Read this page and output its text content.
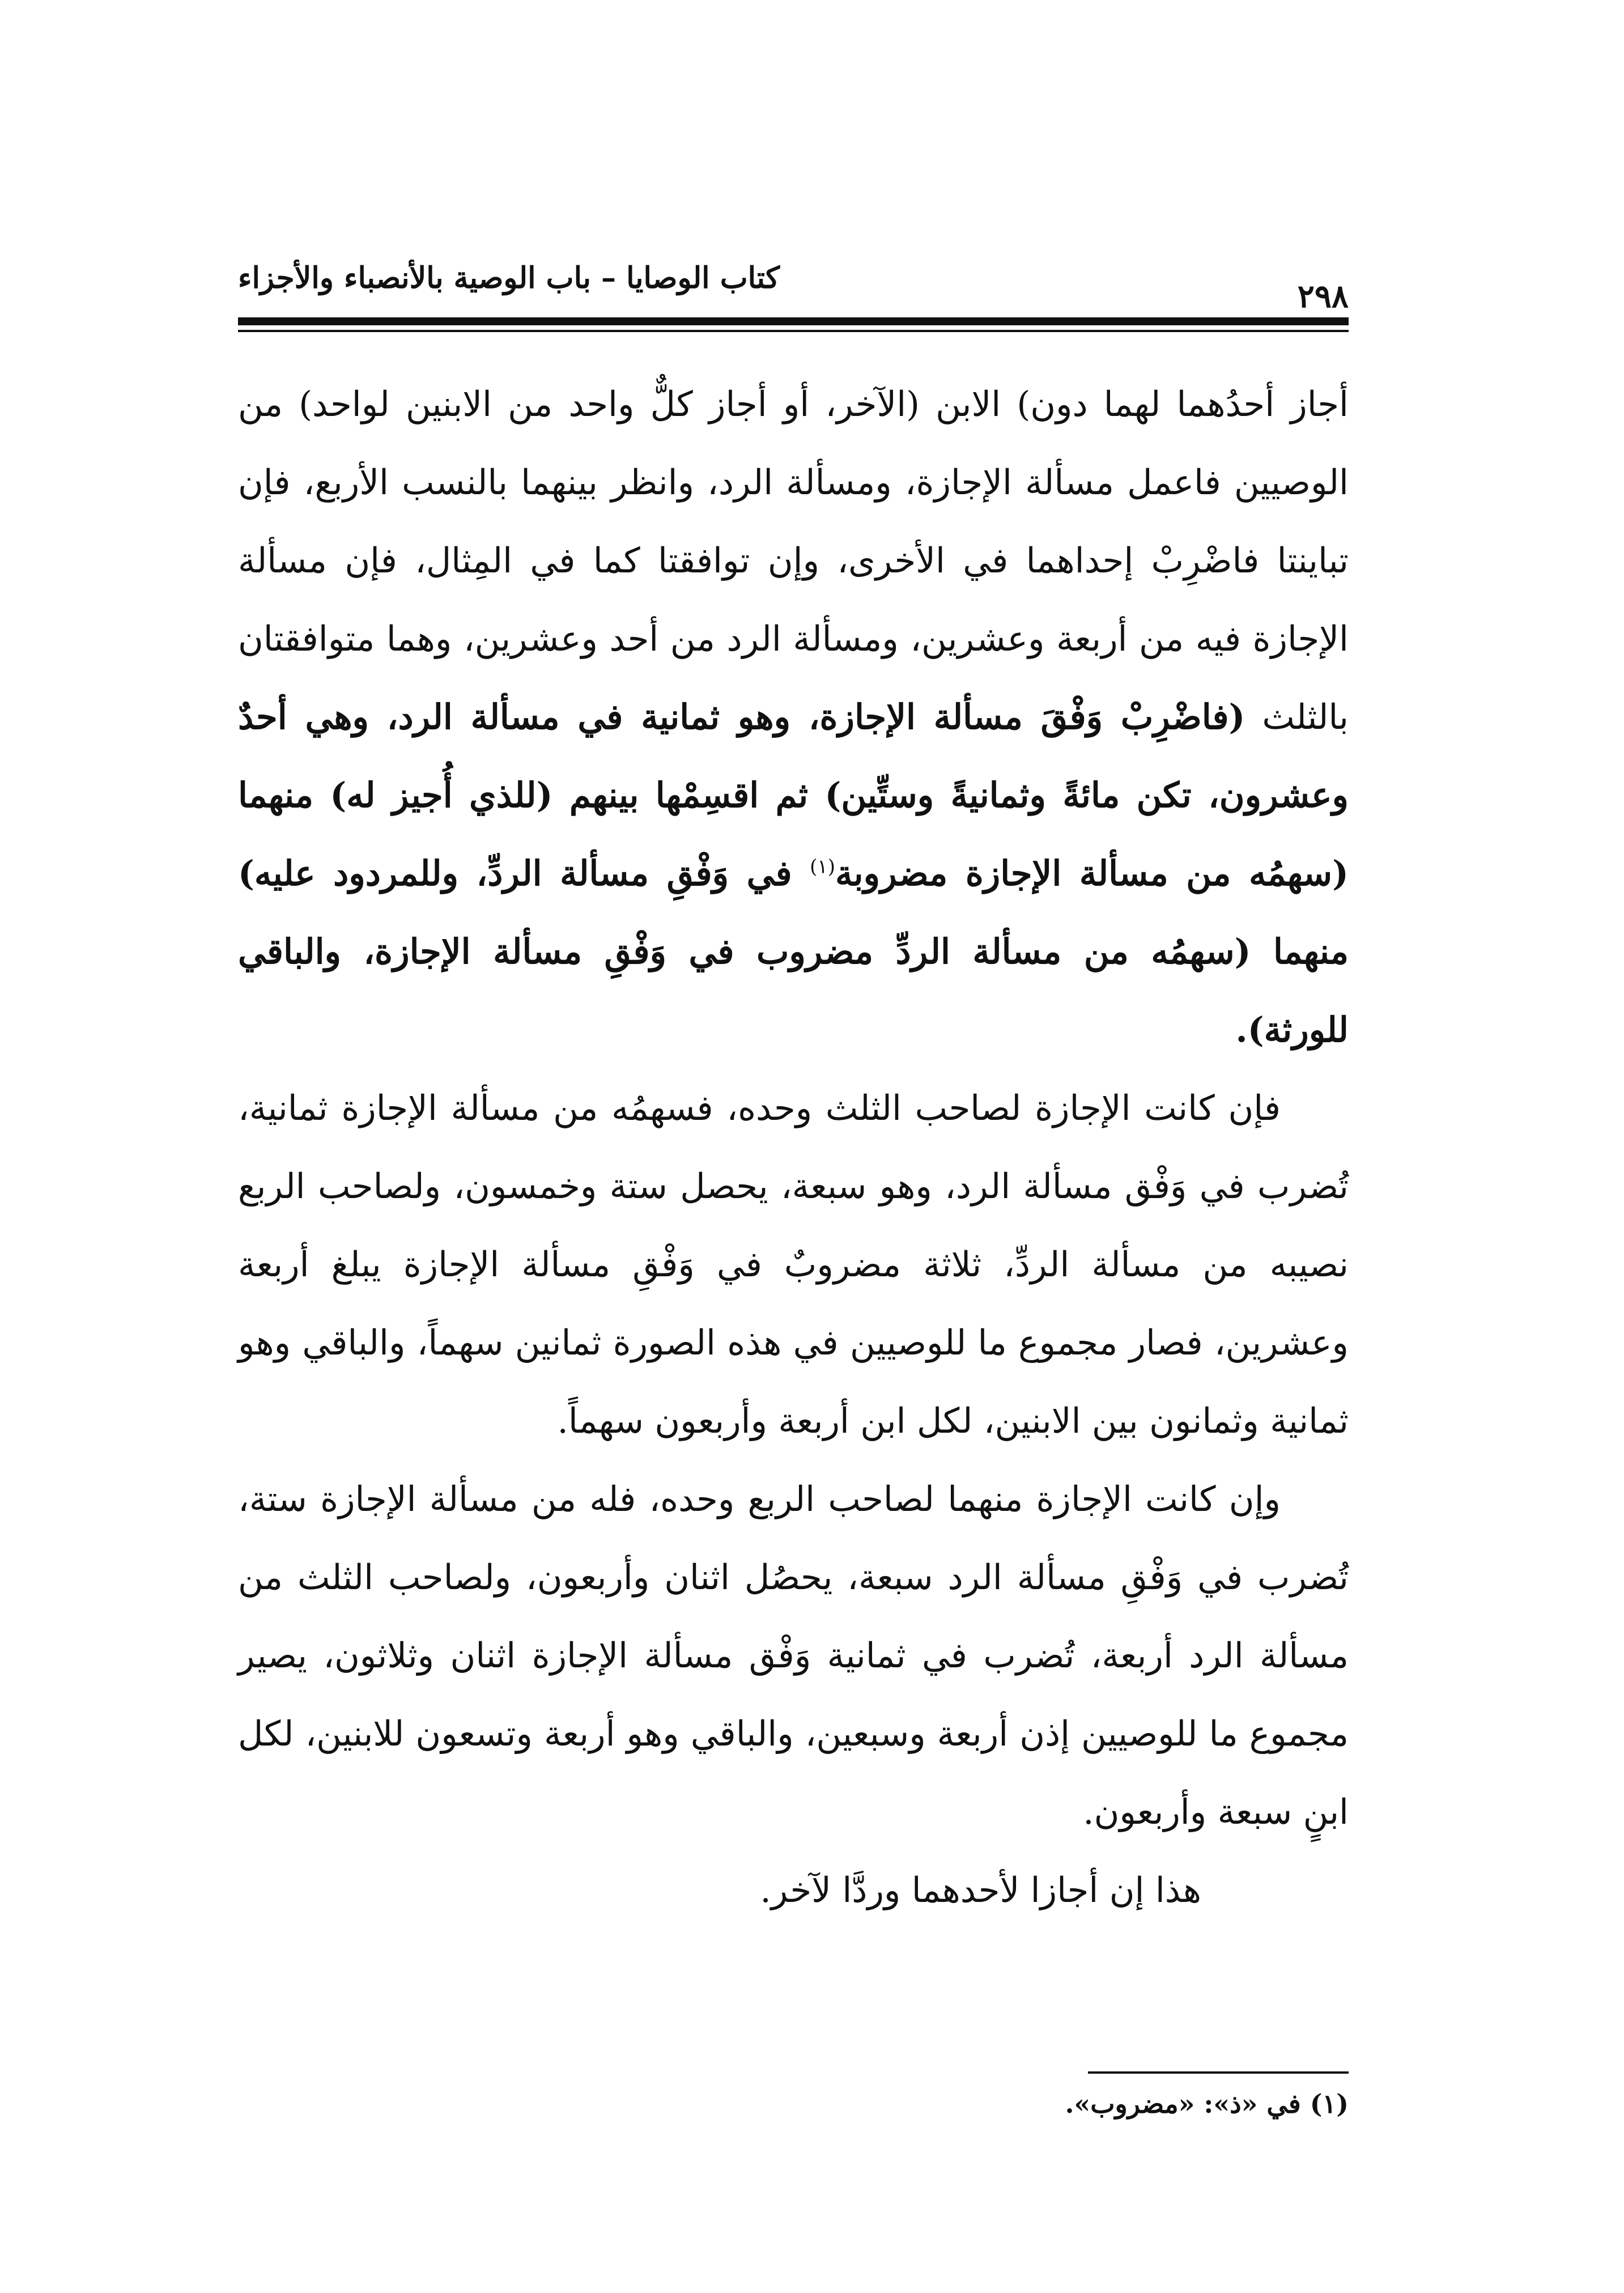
كتاب الوصايا – باب الوصية بالأنصباء والأجزاء	٢٩٨

أجاز أحدُهما لهما دون) الابن (الآخر، أو أجاز كلٌّ واحد من الابنين لواحد) من الوصيين فاعمل مسألة الإجازة، ومسألة الرد، وانظر بينهما بالنسب الأربع، فإن تباينتا فاضْرِبْ إحداهما في الأخرى، وإن توافقتا كما في المِثال، فإن مسألة الإجازة فيه من أربعة وعشرين، ومسألة الرد من أحد وعشرين، وهما متوافقتان بالثلث (فاضْرِبْ وَفْقَ مسألة الإجازة، وهو ثمانية في مسألة الرد، وهي أحدٌ وعشرون، تكن مائةً وثمانيةً وستِّين) ثم اقسِمْها بينهم (للذي أُجيز له) منهما (سهمُه من مسألة الإجازة مضروبة$^{(١)}$ في وَفْقِ مسألة الردِّ، وللمردود عليه) منهما (سهمُه من مسألة الردِّ مضروب في وَفْقِ مسألة الإجازة، والباقي للورثة).

فإن كانت الإجازة لصاحب الثلث وحده، فسهمُه من مسألة الإجازة ثمانية، تُضرب في وَفْق مسألة الرد، وهو سبعة، يحصل ستة وخمسون، ولصاحب الربع نصيبه من مسألة الردِّ، ثلاثة مضروبٌ في وَفْقِ مسألة الإجازة يبلغ أربعة وعشرين، فصار مجموع ما للوصيين في هذه الصورة ثمانين سهماً، والباقي وهو ثمانية وثمانون بين الابنين، لكل ابن أربعة وأربعون سهماً.

وإن كانت الإجازة منهما لصاحب الربع وحده، فله من مسألة الإجازة ستة، تُضرب في وَفْقِ مسألة الرد سبعة، يحصُل اثنان وأربعون، ولصاحب الثلث من مسألة الرد أربعة، تُضرب في ثمانية وَفْق مسألة الإجازة اثنان وثلاثون، يصير مجموع ما للوصيين إذن أربعة وسبعين، والباقي وهو أربعة وتسعون للابنين، لكل ابنٍ سبعة وأربعون.

هذا إن أجازا لأحدهما وردَّا لآخر.

(١) في «ذ»: «مضروب».
